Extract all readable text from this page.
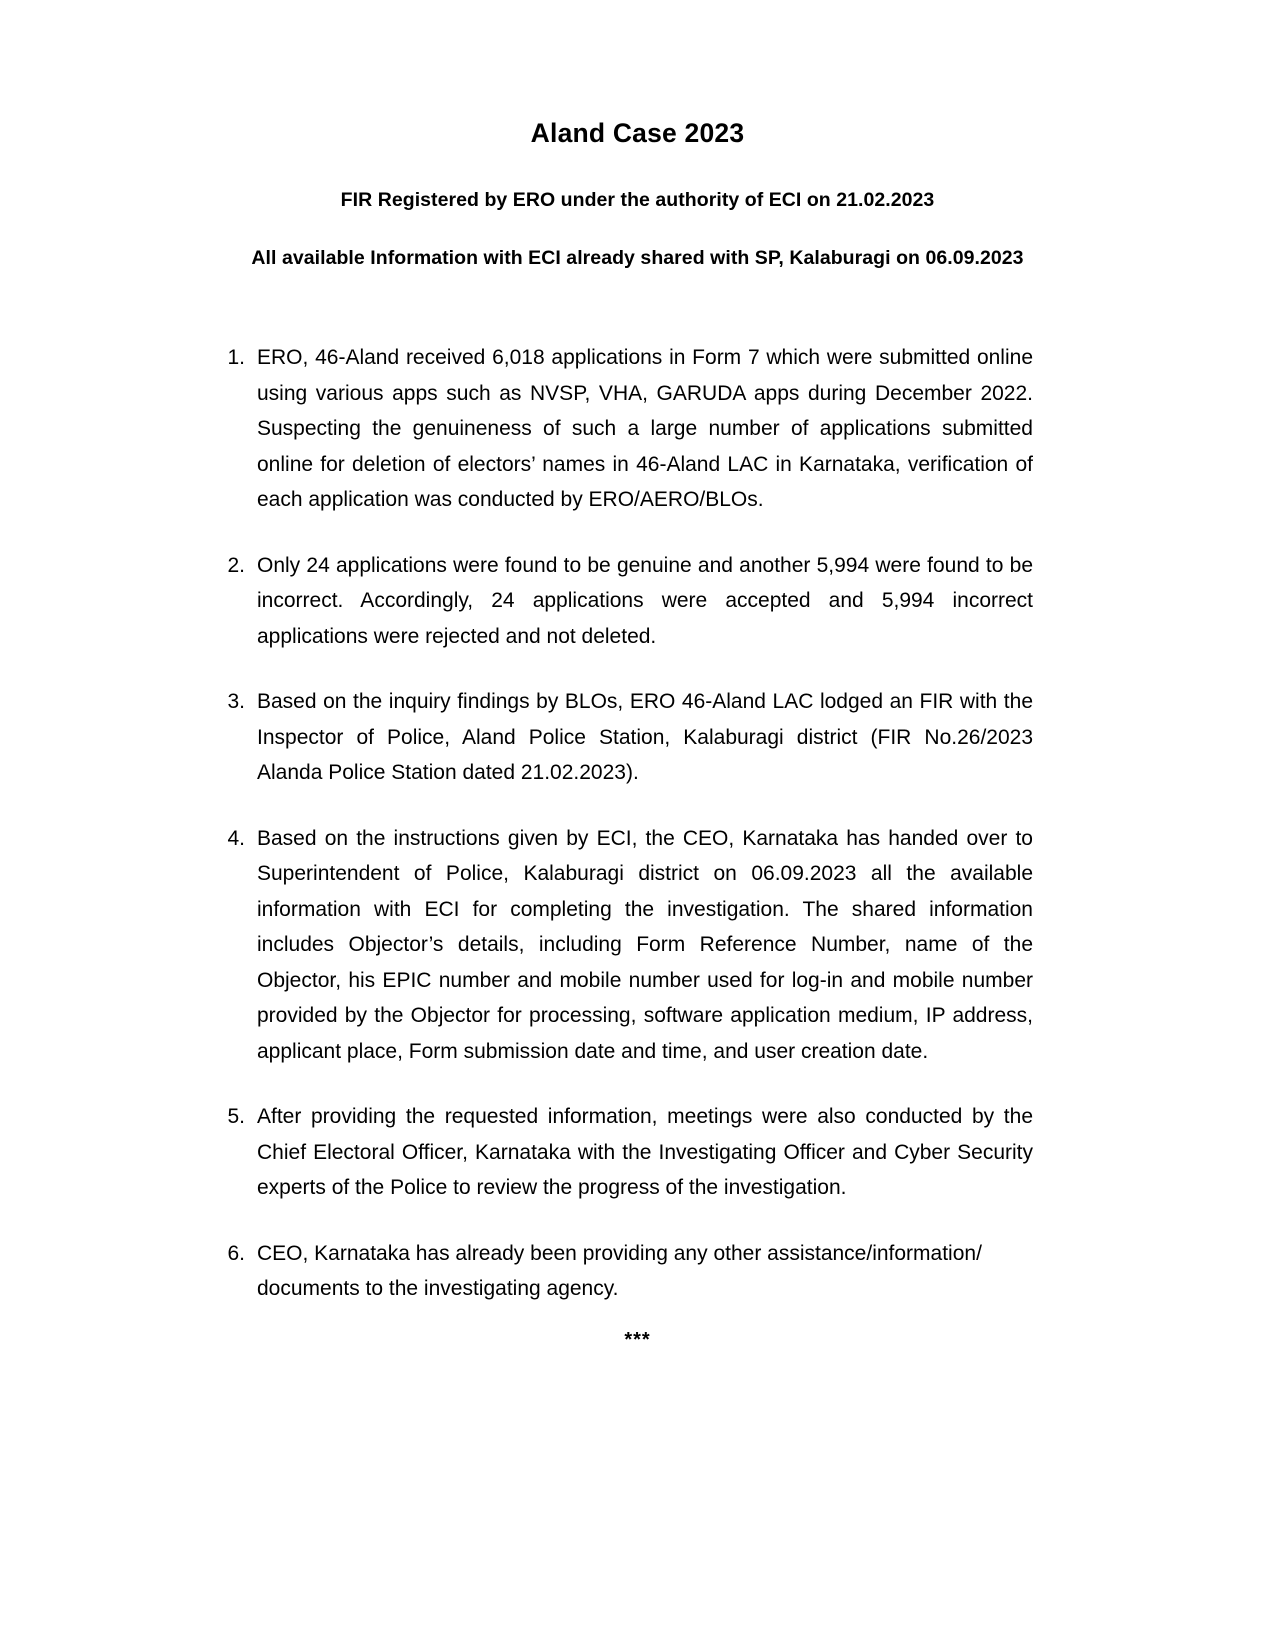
Aland Case 2023
FIR Registered by ERO under the authority of ECI on 21.02.2023
All available Information with ECI already shared with SP, Kalaburagi on 06.09.2023
1. ERO, 46-Aland received 6,018 applications in Form 7 which were submitted online using various apps such as NVSP, VHA, GARUDA apps during December 2022. Suspecting the genuineness of such a large number of applications submitted online for deletion of electors’ names in 46-Aland LAC in Karnataka, verification of each application was conducted by ERO/AERO/BLOs.
2. Only 24 applications were found to be genuine and another 5,994 were found to be incorrect. Accordingly, 24 applications were accepted and 5,994 incorrect applications were rejected and not deleted.
3. Based on the inquiry findings by BLOs, ERO 46-Aland LAC lodged an FIR with the Inspector of Police, Aland Police Station, Kalaburagi district (FIR No.26/2023 Alanda Police Station dated 21.02.2023).
4. Based on the instructions given by ECI, the CEO, Karnataka has handed over to Superintendent of Police, Kalaburagi district on 06.09.2023 all the available information with ECI for completing the investigation. The shared information includes Objector’s details, including Form Reference Number, name of the Objector, his EPIC number and mobile number used for log-in and mobile number provided by the Objector for processing, software application medium, IP address, applicant place, Form submission date and time, and user creation date.
5. After providing the requested information, meetings were also conducted by the Chief Electoral Officer, Karnataka with the Investigating Officer and Cyber Security experts of the Police to review the progress of the investigation.
6. CEO, Karnataka has already been providing any other assistance/information/ documents to the investigating agency.
***
